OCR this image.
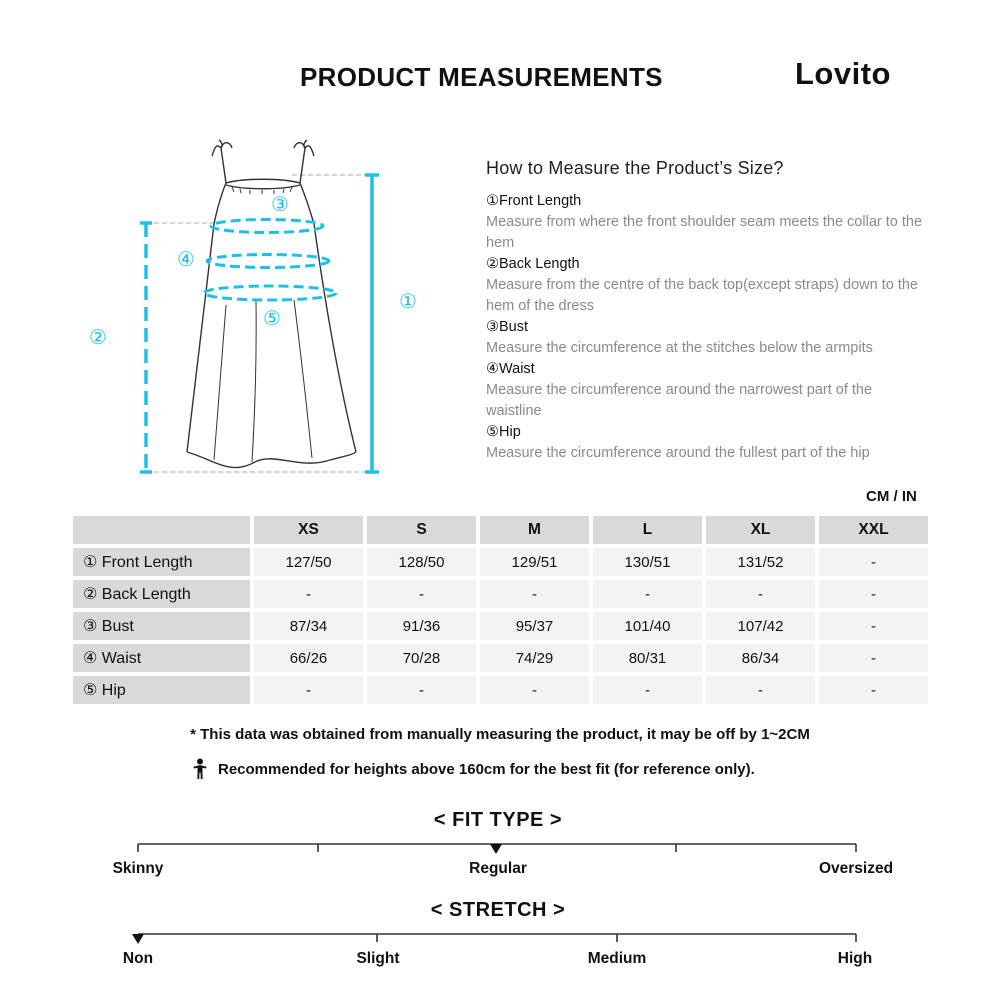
PRODUCT MEASUREMENTS	Lovito
①
②
③
④
⑤
How to Measure the Product’s Size?
①Front Length
Measure from where the front shoulder seam meets the collar to the hem
②Back Length
Measure from the centre of the back top(except straps) down to the hem of the dress
③Bust
Measure the circumference at the stitches below the armpits
④Waist
Measure the circumference around the narrowest part of the waistline
⑤Hip
Measure the circumference around the fullest part of the hip
CM / IN
	XS	S	M	L	XL	XXL
① Front Length	127/50	128/50	129/51	130/51	131/52	-
② Back Length	-	-	-	-	-	-
③ Bust	87/34	91/36	95/37	101/40	107/42	-
④ Waist	66/26	70/28	74/29	80/31	86/34	-
⑤ Hip	-	-	-	-	-	-
* This data was obtained from manually measuring the product, it may be off by 1~2CM
Recommended for heights above 160cm for the best fit (for reference only).
< FIT TYPE >
Skinny	Regular	Oversized
< STRETCH >
Non	Slight	Medium	High
